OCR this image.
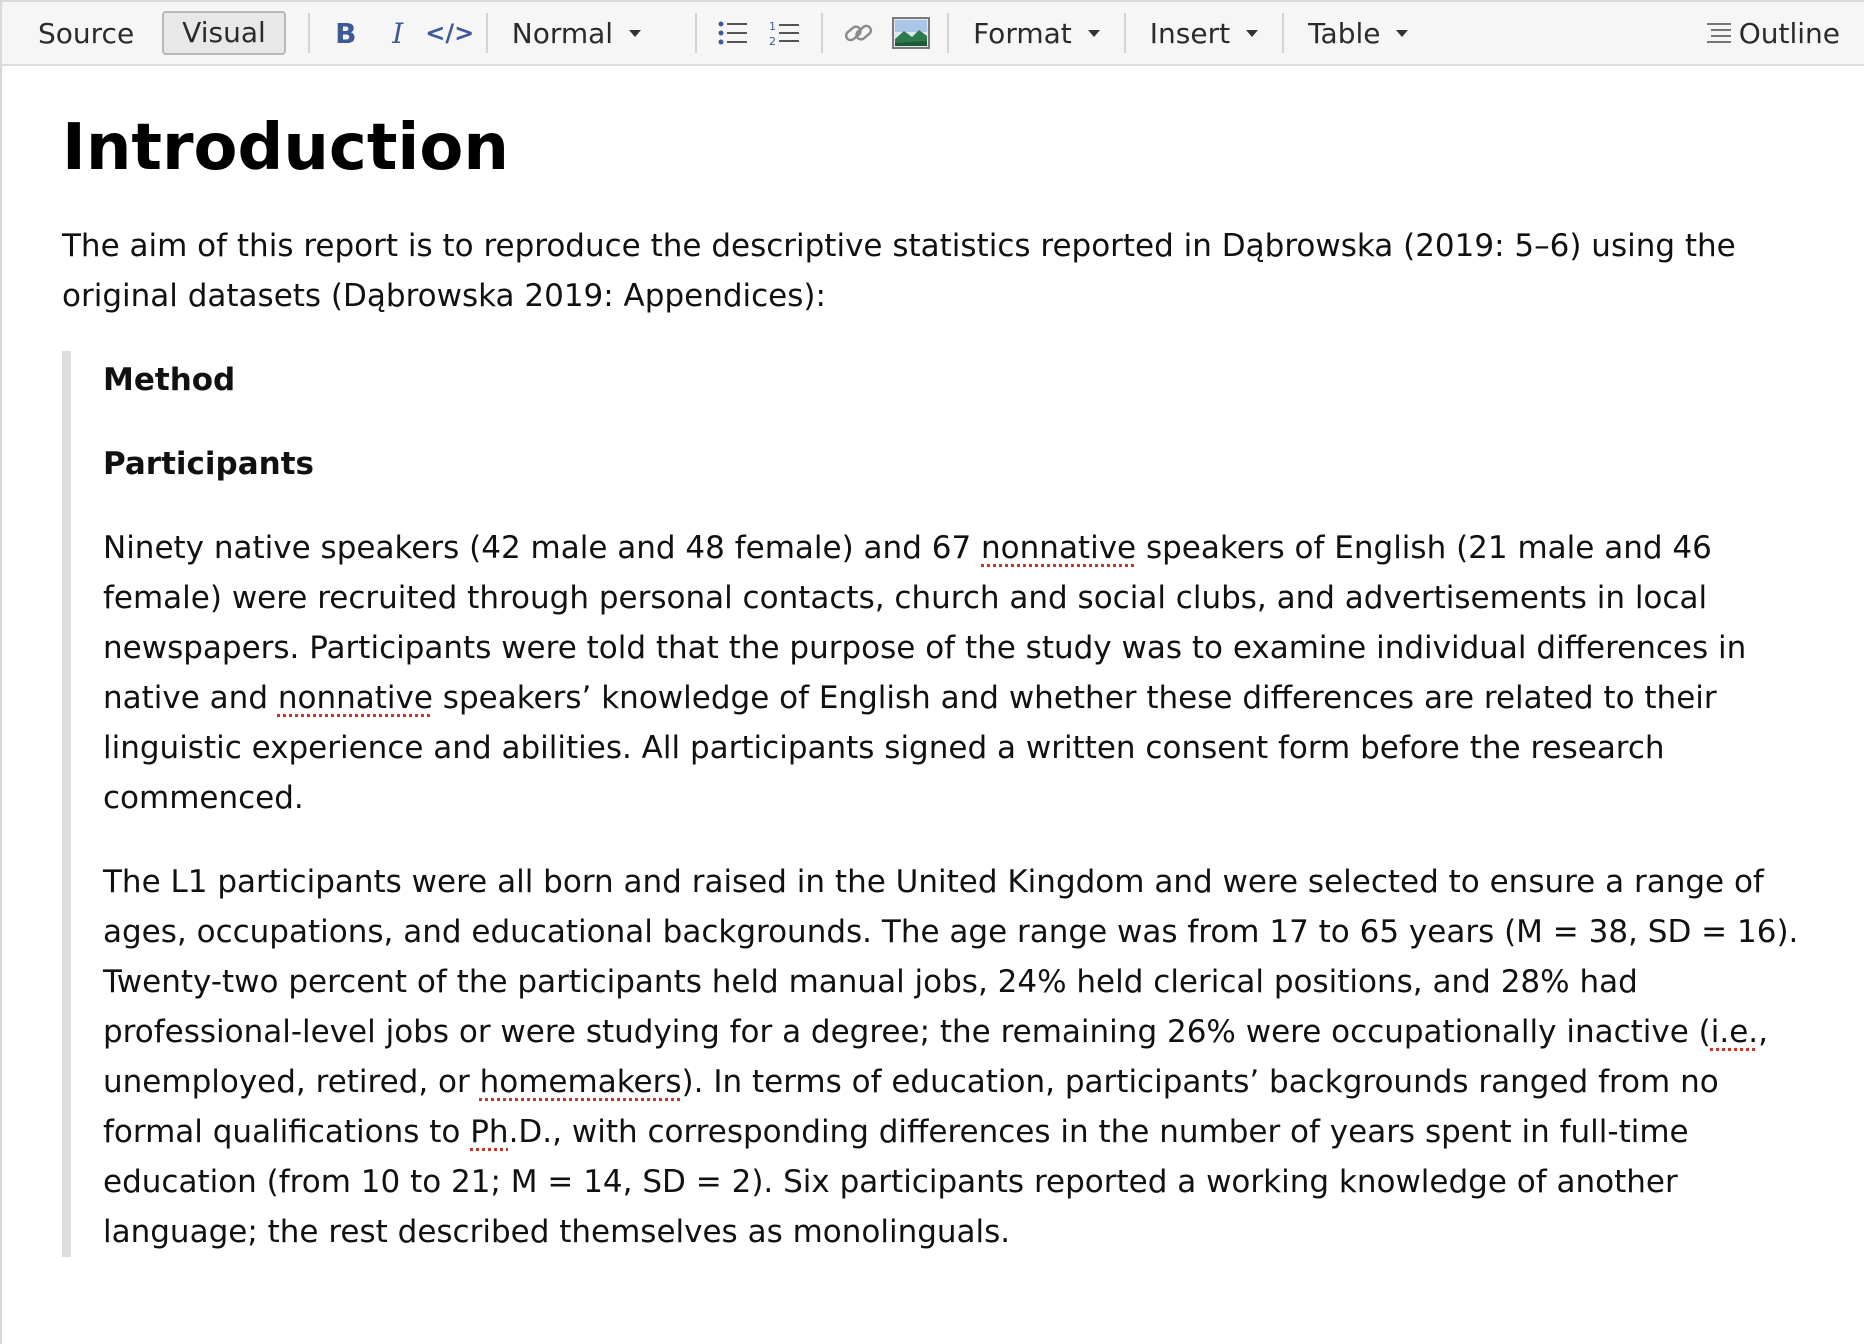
Source	Visual	B I </> Normal	1
2	Format	Insert	Table	Outline
Introduction

The aim of this report is to reproduce the descriptive statistics reported in Dąbrowska (2019: 5–6) using the original datasets (Dąbrowska 2019: Appendices):

Method
Participants

Ninety native speakers (42 male and 48 female) and 67 nonnative speakers of English (21 male and 46 female) were recruited through personal contacts, church and social clubs, and advertisements in local newspapers. Participants were told that the purpose of the study was to examine individual differences in native and nonnative speakers’ knowledge of English and whether these differences are related to their linguistic experience and abilities. All participants signed a written consent form before the research commenced.

The L1 participants were all born and raised in the United Kingdom and were selected to ensure a range of ages, occupations, and educational backgrounds. The age range was from 17 to 65 years (M = 38, SD = 16). Twenty-two percent of the participants held manual jobs, 24% held clerical positions, and 28% had professional-level jobs or were studying for a degree; the remaining 26% were occupationally inactive (i.e., unemployed, retired, or homemakers). In terms of education, participants’ backgrounds ranged from no formal qualifications to Ph.D., with corresponding differences in the number of years spent in full-time education (from 10 to 21; M = 14, SD = 2). Six participants reported a working knowledge of another language; the rest described themselves as monolinguals.
